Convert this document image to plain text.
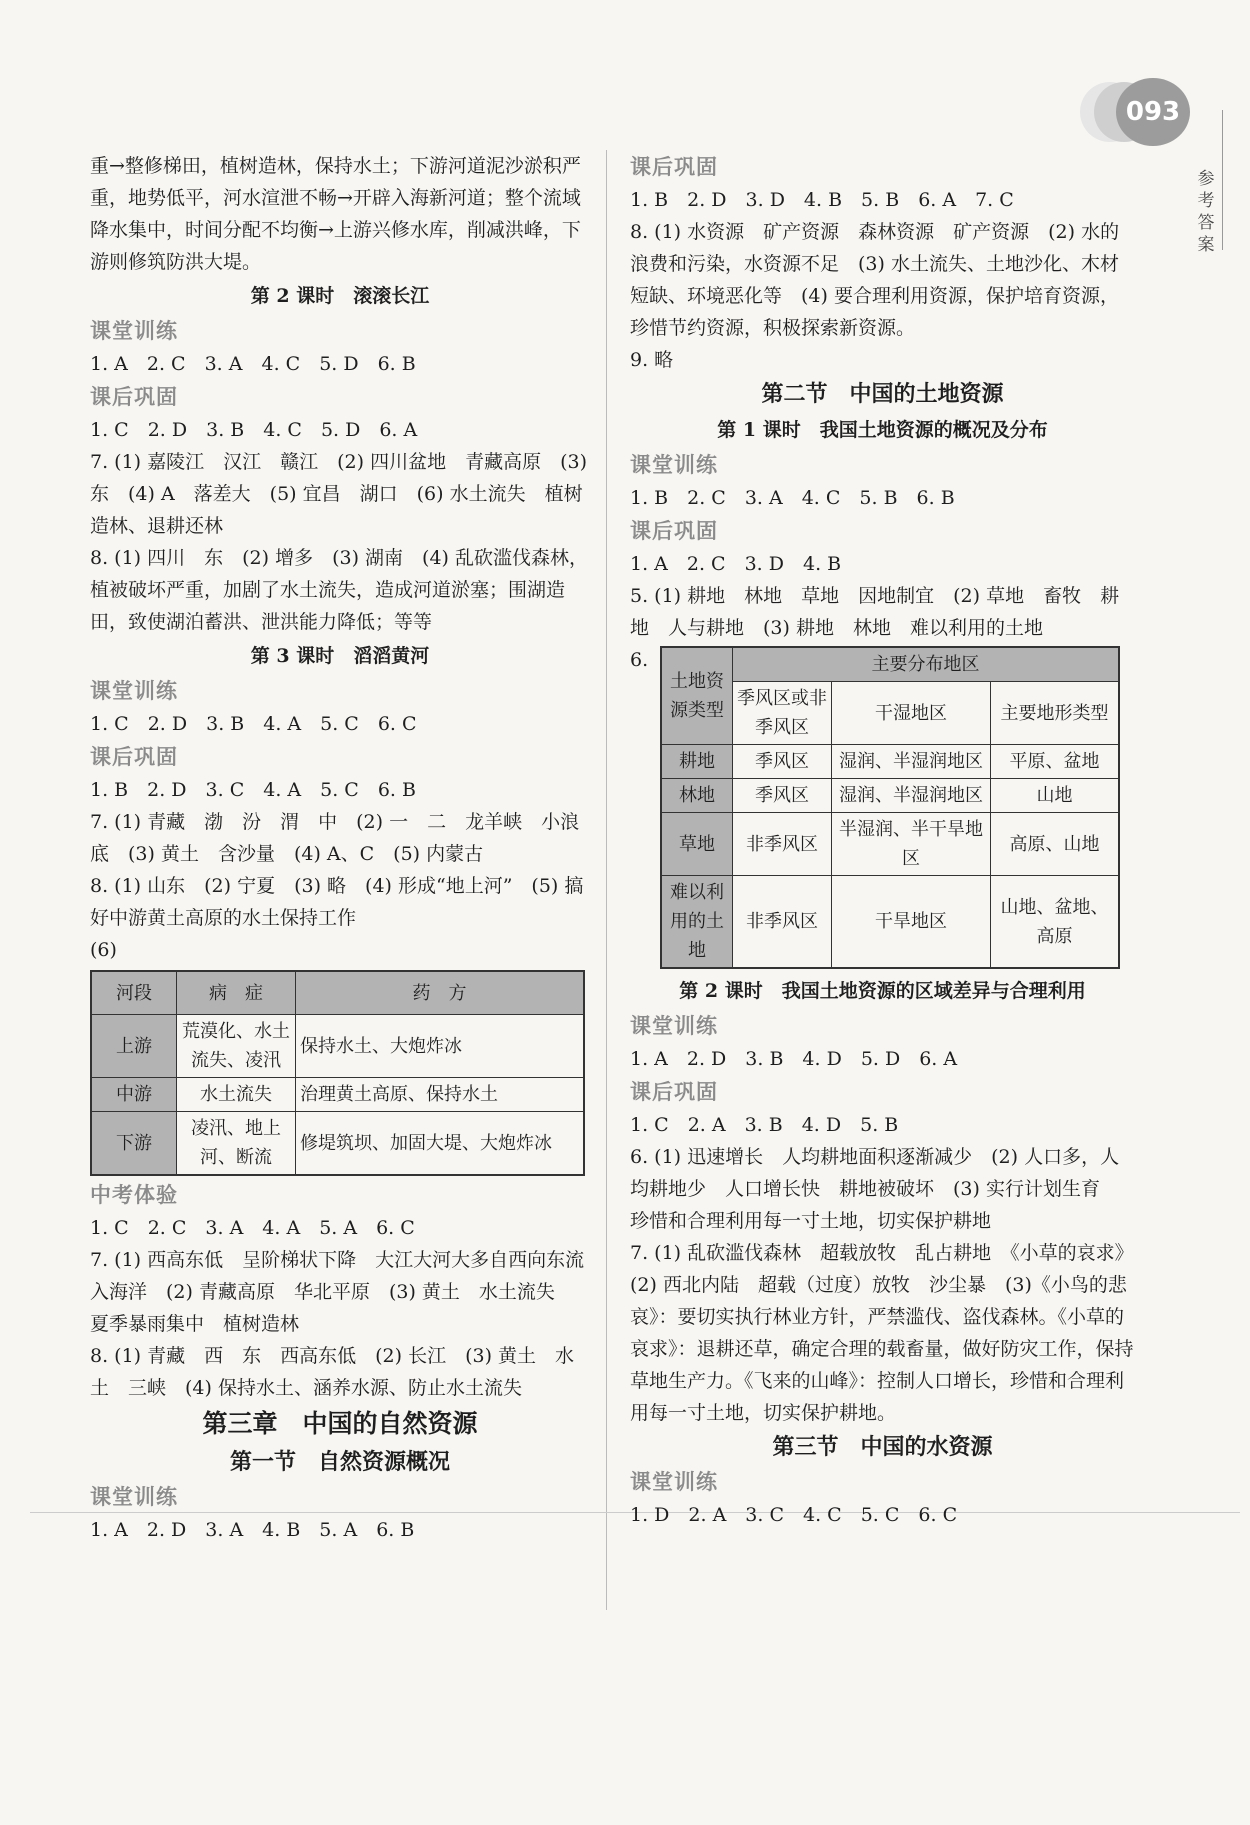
093
参考答案

重→整修梯田，植树造林，保持水土；下游河道泥沙淤积严重，地势低平，河水渲泄不畅→开辟入海新河道；整个流域降水集中，时间分配不均衡→上游兴修水库，削减洪峰，下游则修筑防洪大堤。

第 2 课时　滚滚长江

课堂训练

1. A　2. C　3. A　4. C　5. D　6. B

课后巩固

1. C　2. D　3. B　4. C　5. D　6. A

7. (1) 嘉陵江　汉江　赣江　(2) 四川盆地　青藏高原　(3) 东　(4) A　落差大　(5) 宜昌　湖口　(6) 水土流失　植树造林、退耕还林

8. (1) 四川　东　(2) 增多　(3) 湖南　(4) 乱砍滥伐森林，植被破坏严重，加剧了水土流失，造成河道淤塞；围湖造田，致使湖泊蓄洪、泄洪能力降低；等等

第 3 课时　滔滔黄河

课堂训练

1. C　2. D　3. B　4. A　5. C　6. C

课后巩固

1. B　2. D　3. C　4. A　5. C　6. B

7. (1) 青藏　渤　汾　渭　中　(2) 一　二　龙羊峡　小浪底　(3) 黄土　含沙量　(4) A、C　(5) 内蒙古

8. (1) 山东　(2) 宁夏　(3) 略　(4) 形成“地上河”　(5) 搞好中游黄土高原的水土保持工作

(6)

河段	病　症	药　方
上游	荒漠化、水土流失、凌汛	保持水土、大炮炸冰
中游	水土流失	治理黄土高原、保持水土
下游	凌汛、地上河、断流	修堤筑坝、加固大堤、大炮炸冰

中考体验

1. C　2. C　3. A　4. A　5. A　6. C

7. (1) 西高东低　呈阶梯状下降　大江大河大多自西向东流入海洋　(2) 青藏高原　华北平原　(3) 黄土　水土流失　夏季暴雨集中　植树造林

8. (1) 青藏　西　东　西高东低　(2) 长江　(3) 黄土　水土　三峡　(4) 保持水土、涵养水源、防止水土流失

第三章　中国的自然资源

第一节　自然资源概况

课堂训练

1. A　2. D　3. A　4. B　5. A　6. B

课后巩固

1. B　2. D　3. D　4. B　5. B　6. A　7. C

8. (1) 水资源　矿产资源　森林资源　矿产资源　(2) 水的浪费和污染，水资源不足　(3) 水土流失、土地沙化、木材短缺、环境恶化等　(4) 要合理利用资源，保护培育资源，珍惜节约资源，积极探索新资源。

9. 略

第二节　中国的土地资源

第 1 课时　我国土地资源的概况及分布

课堂训练

1. B　2. C　3. A　4. C　5. B　6. B

课后巩固

1. A　2. C　3. D　4. B

5. (1) 耕地　林地　草地　因地制宜　(2) 草地　畜牧　耕地　人与耕地　(3) 耕地　林地　难以利用的土地

6.
土地资源类型	主要分布地区		
	季风区或非季风区	干湿地区	主要地形类型
耕地	季风区	湿润、半湿润地区	平原、盆地
林地	季风区	湿润、半湿润地区	山地
草地	非季风区	半湿润、半干旱地区	高原、山地
难以利用的土地	非季风区	干旱地区	山地、盆地、高原

第 2 课时　我国土地资源的区域差异与合理利用

课堂训练

1. A　2. D　3. B　4. D　5. D　6. A

课后巩固

1. C　2. A　3. B　4. D　5. B

6. (1) 迅速增长　人均耕地面积逐渐减少　(2) 人口多，人均耕地少　人口增长快　耕地被破坏　(3) 实行计划生育　珍惜和合理利用每一寸土地，切实保护耕地

7. (1) 乱砍滥伐森林　超载放牧　乱占耕地　《小草的哀求》　(2) 西北内陆　超载（过度）放牧　沙尘暴　(3)《小鸟的悲哀》：要切实执行林业方针，严禁滥伐、盗伐森林。《小草的哀求》：退耕还草，确定合理的载畜量，做好防灾工作，保持草地生产力。《飞来的山峰》：控制人口增长，珍惜和合理利用每一寸土地，切实保护耕地。

第三节　中国的水资源

课堂训练

1. D　2. A　3. C　4. C　5. C　6. C
